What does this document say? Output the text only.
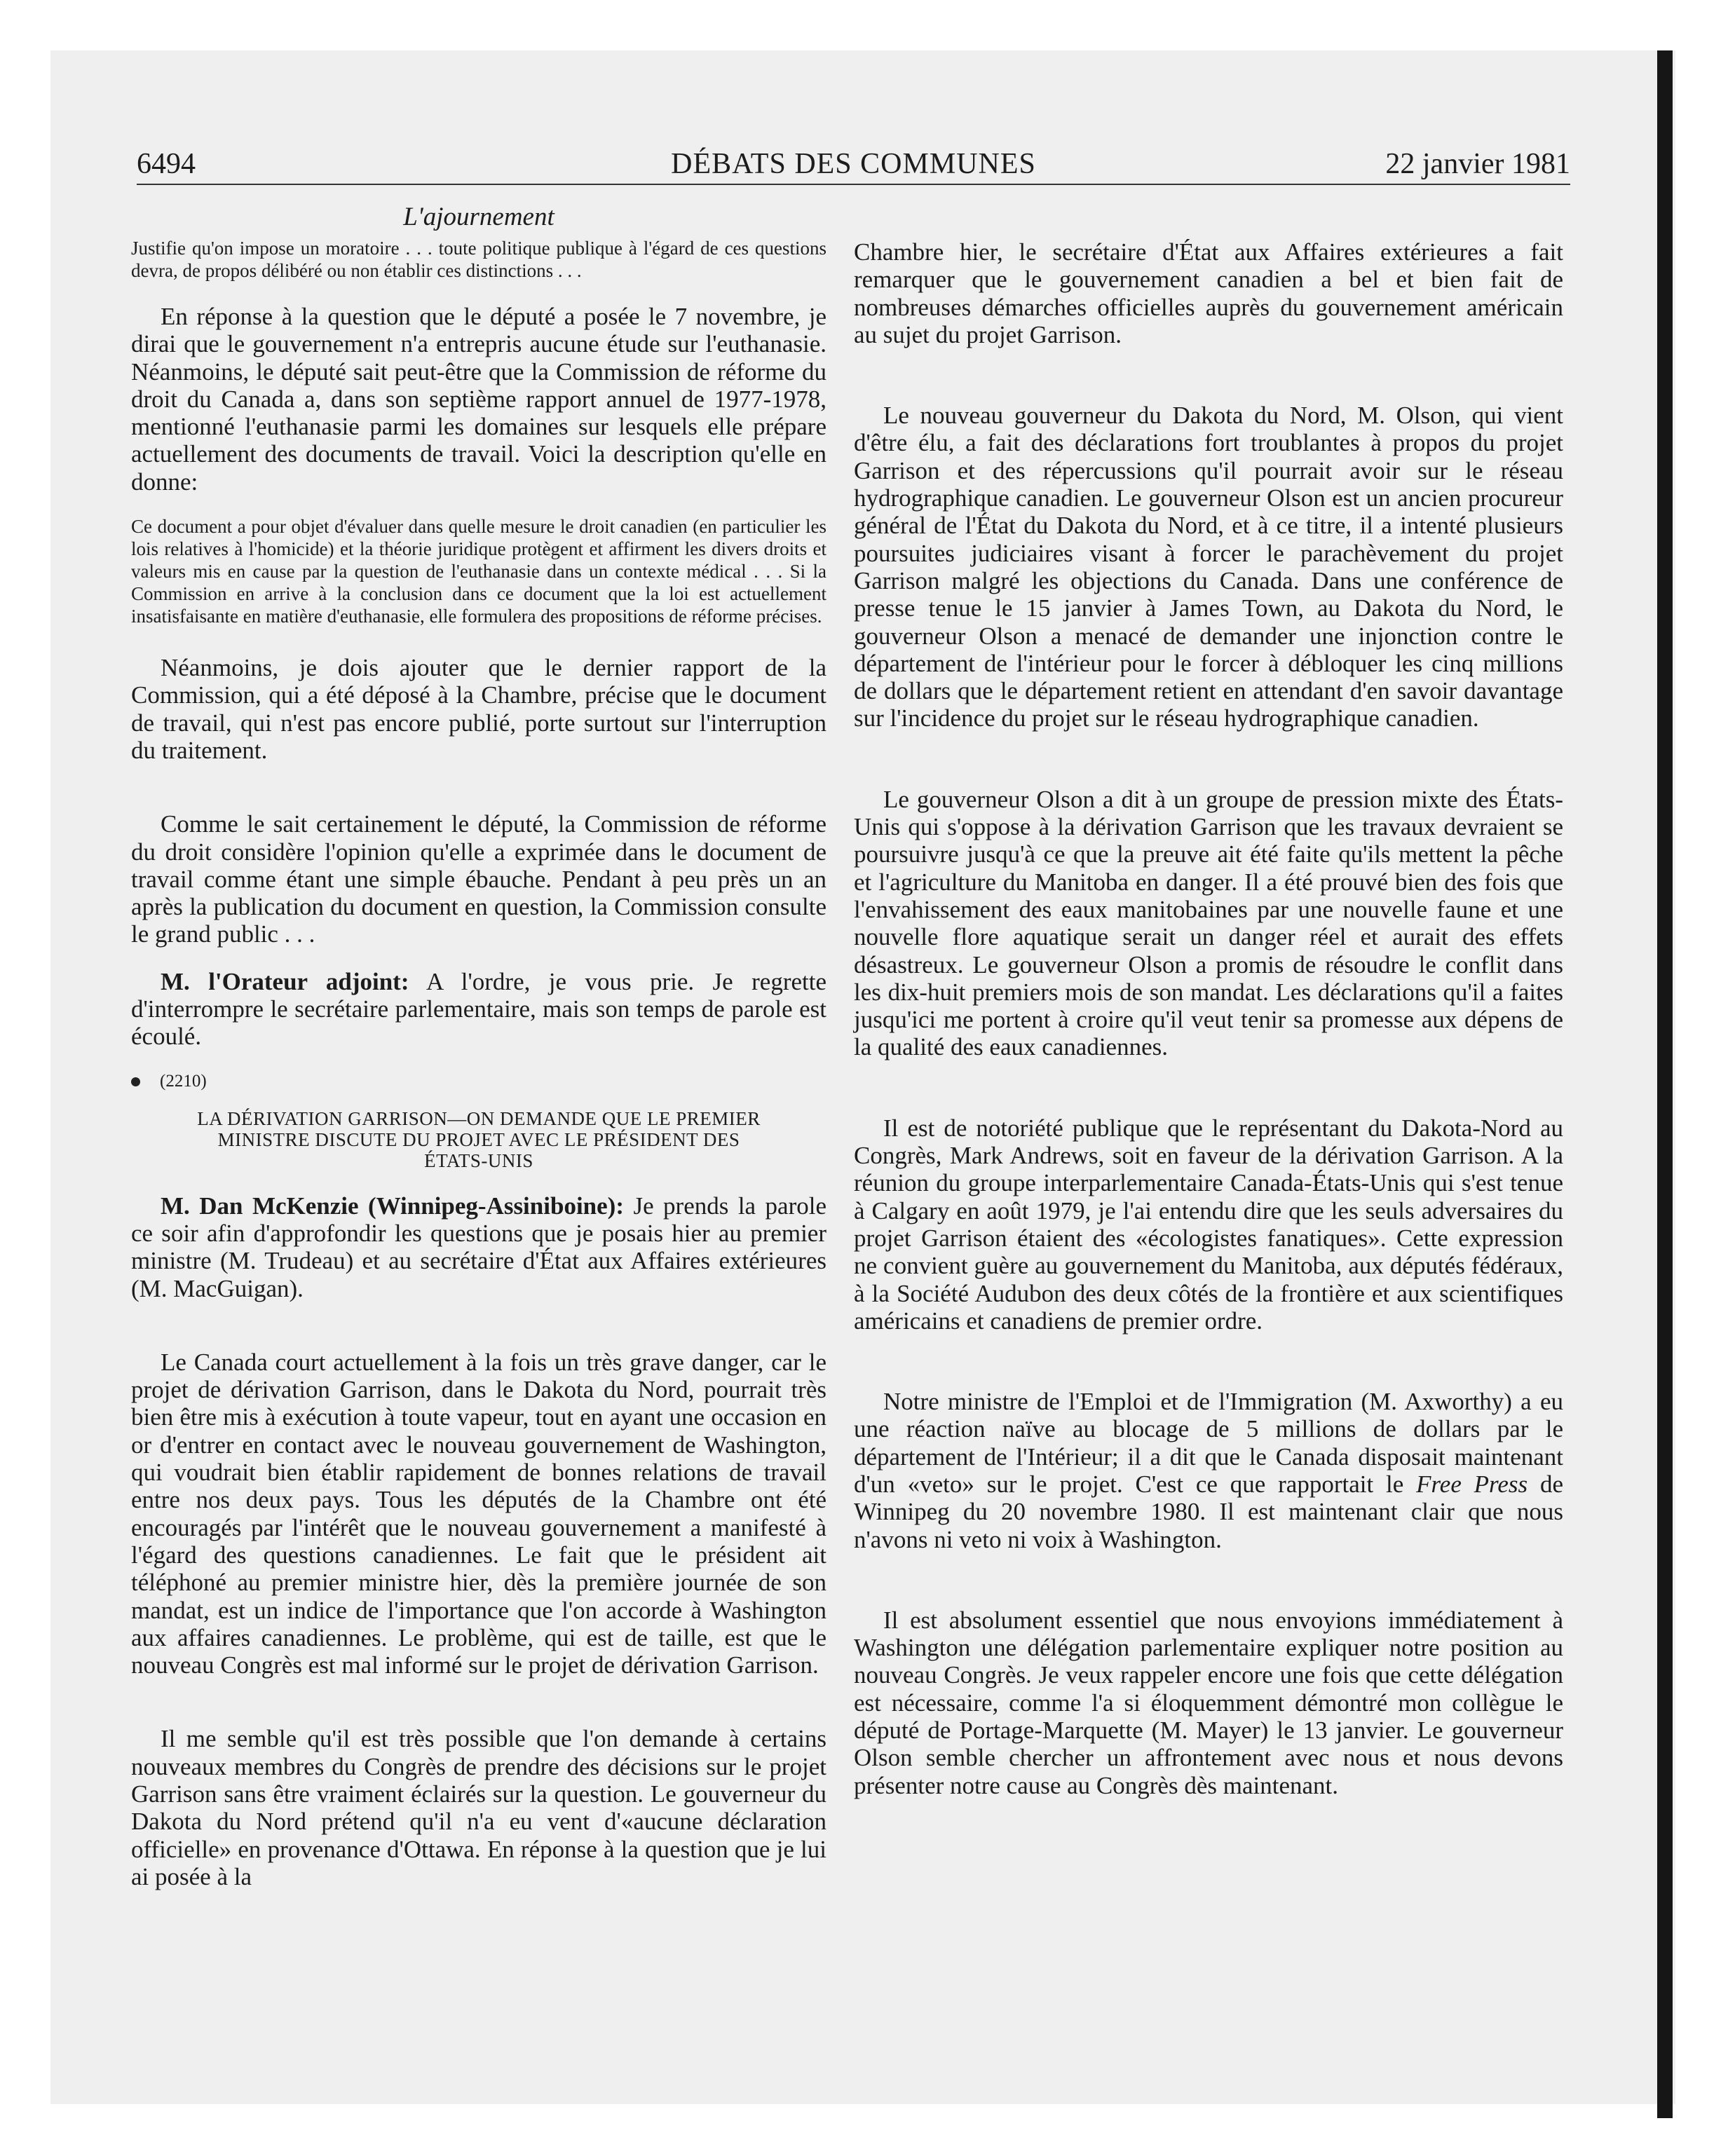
6494	DÉBATS DES COMMUNES	22 janvier 1981
L'ajournement
Justifie qu'on impose un moratoire . . . toute politique publique à l'égard de ces questions devra, de propos délibéré ou non établir ces distinctions . . .

En réponse à la question que le député a posée le 7 novembre, je dirai que le gouvernement n'a entrepris aucune étude sur l'euthanasie. Néanmoins, le député sait peut-être que la Commission de réforme du droit du Canada a, dans son septième rapport annuel de 1977-1978, mentionné l'euthanasie parmi les domaines sur lesquels elle prépare actuellement des documents de travail. Voici la description qu'elle en donne:

Ce document a pour objet d'évaluer dans quelle mesure le droit canadien (en particulier les lois relatives à l'homicide) et la théorie juridique protègent et affirment les divers droits et valeurs mis en cause par la question de l'euthanasie dans un contexte médical . . . Si la Commission en arrive à la conclusion dans ce document que la loi est actuellement insatisfaisante en matière d'euthanasie, elle formulera des propositions de réforme précises.

Néanmoins, je dois ajouter que le dernier rapport de la Commission, qui a été déposé à la Chambre, précise que le document de travail, qui n'est pas encore publié, porte surtout sur l'interruption du traitement.

Comme le sait certainement le député, la Commission de réforme du droit considère l'opinion qu'elle a exprimée dans le document de travail comme étant une simple ébauche. Pendant à peu près un an après la publication du document en question, la Commission consulte le grand public . . .

M. l'Orateur adjoint: A l'ordre, je vous prie. Je regrette d'interrompre le secrétaire parlementaire, mais son temps de parole est écoulé.

(2210)
LA DÉRIVATION GARRISON—ON DEMANDE QUE LE PREMIER
MINISTRE DISCUTE DU PROJET AVEC LE PRÉSIDENT DES
ÉTATS-UNIS

M. Dan McKenzie (Winnipeg-Assiniboine): Je prends la parole ce soir afin d'approfondir les questions que je posais hier au premier ministre (M. Trudeau) et au secrétaire d'État aux Affaires extérieures (M. MacGuigan).

Le Canada court actuellement à la fois un très grave danger, car le projet de dérivation Garrison, dans le Dakota du Nord, pourrait très bien être mis à exécution à toute vapeur, tout en ayant une occasion en or d'entrer en contact avec le nouveau gouvernement de Washington, qui voudrait bien établir rapidement de bonnes relations de travail entre nos deux pays. Tous les députés de la Chambre ont été encouragés par l'intérêt que le nouveau gouvernement a manifesté à l'égard des questions canadiennes. Le fait que le président ait téléphoné au premier ministre hier, dès la première journée de son mandat, est un indice de l'importance que l'on accorde à Washington aux affaires canadiennes. Le problème, qui est de taille, est que le nouveau Congrès est mal informé sur le projet de dérivation Garrison.

Il me semble qu'il est très possible que l'on demande à certains nouveaux membres du Congrès de prendre des décisions sur le projet Garrison sans être vraiment éclairés sur la question. Le gouverneur du Dakota du Nord prétend qu'il n'a eu vent d'«aucune déclaration officielle» en provenance d'Ottawa. En réponse à la question que je lui ai posée à la

Chambre hier, le secrétaire d'État aux Affaires extérieures a fait remarquer que le gouvernement canadien a bel et bien fait de nombreuses démarches officielles auprès du gouvernement américain au sujet du projet Garrison.

Le nouveau gouverneur du Dakota du Nord, M. Olson, qui vient d'être élu, a fait des déclarations fort troublantes à propos du projet Garrison et des répercussions qu'il pourrait avoir sur le réseau hydrographique canadien. Le gouverneur Olson est un ancien procureur général de l'État du Dakota du Nord, et à ce titre, il a intenté plusieurs poursuites judiciaires visant à forcer le parachèvement du projet Garrison malgré les objections du Canada. Dans une conférence de presse tenue le 15 janvier à James Town, au Dakota du Nord, le gouverneur Olson a menacé de demander une injonction contre le département de l'intérieur pour le forcer à débloquer les cinq millions de dollars que le département retient en attendant d'en savoir davantage sur l'incidence du projet sur le réseau hydrographique canadien.

Le gouverneur Olson a dit à un groupe de pression mixte des États-Unis qui s'oppose à la dérivation Garrison que les travaux devraient se poursuivre jusqu'à ce que la preuve ait été faite qu'ils mettent la pêche et l'agriculture du Manitoba en danger. Il a été prouvé bien des fois que l'envahissement des eaux manitobaines par une nouvelle faune et une nouvelle flore aquatique serait un danger réel et aurait des effets désastreux. Le gouverneur Olson a promis de résoudre le conflit dans les dix-huit premiers mois de son mandat. Les déclarations qu'il a faites jusqu'ici me portent à croire qu'il veut tenir sa promesse aux dépens de la qualité des eaux canadiennes.

Il est de notoriété publique que le représentant du Dakota-Nord au Congrès, Mark Andrews, soit en faveur de la dérivation Garrison. A la réunion du groupe interparlementaire Canada-États-Unis qui s'est tenue à Calgary en août 1979, je l'ai entendu dire que les seuls adversaires du projet Garrison étaient des «écologistes fanatiques». Cette expression ne convient guère au gouvernement du Manitoba, aux députés fédéraux, à la Société Audubon des deux côtés de la frontière et aux scientifiques américains et canadiens de premier ordre.

Notre ministre de l'Emploi et de l'Immigration (M. Axworthy) a eu une réaction naïve au blocage de 5 millions de dollars par le département de l'Intérieur; il a dit que le Canada disposait maintenant d'un «veto» sur le projet. C'est ce que rapportait le Free Press de Winnipeg du 20 novembre 1980. Il est maintenant clair que nous n'avons ni veto ni voix à Washington.

Il est absolument essentiel que nous envoyions immédiatement à Washington une délégation parlementaire expliquer notre position au nouveau Congrès. Je veux rappeler encore une fois que cette délégation est nécessaire, comme l'a si éloquemment démontré mon collègue le député de Portage-Marquette (M. Mayer) le 13 janvier. Le gouverneur Olson semble chercher un affrontement avec nous et nous devons présenter notre cause au Congrès dès maintenant.
